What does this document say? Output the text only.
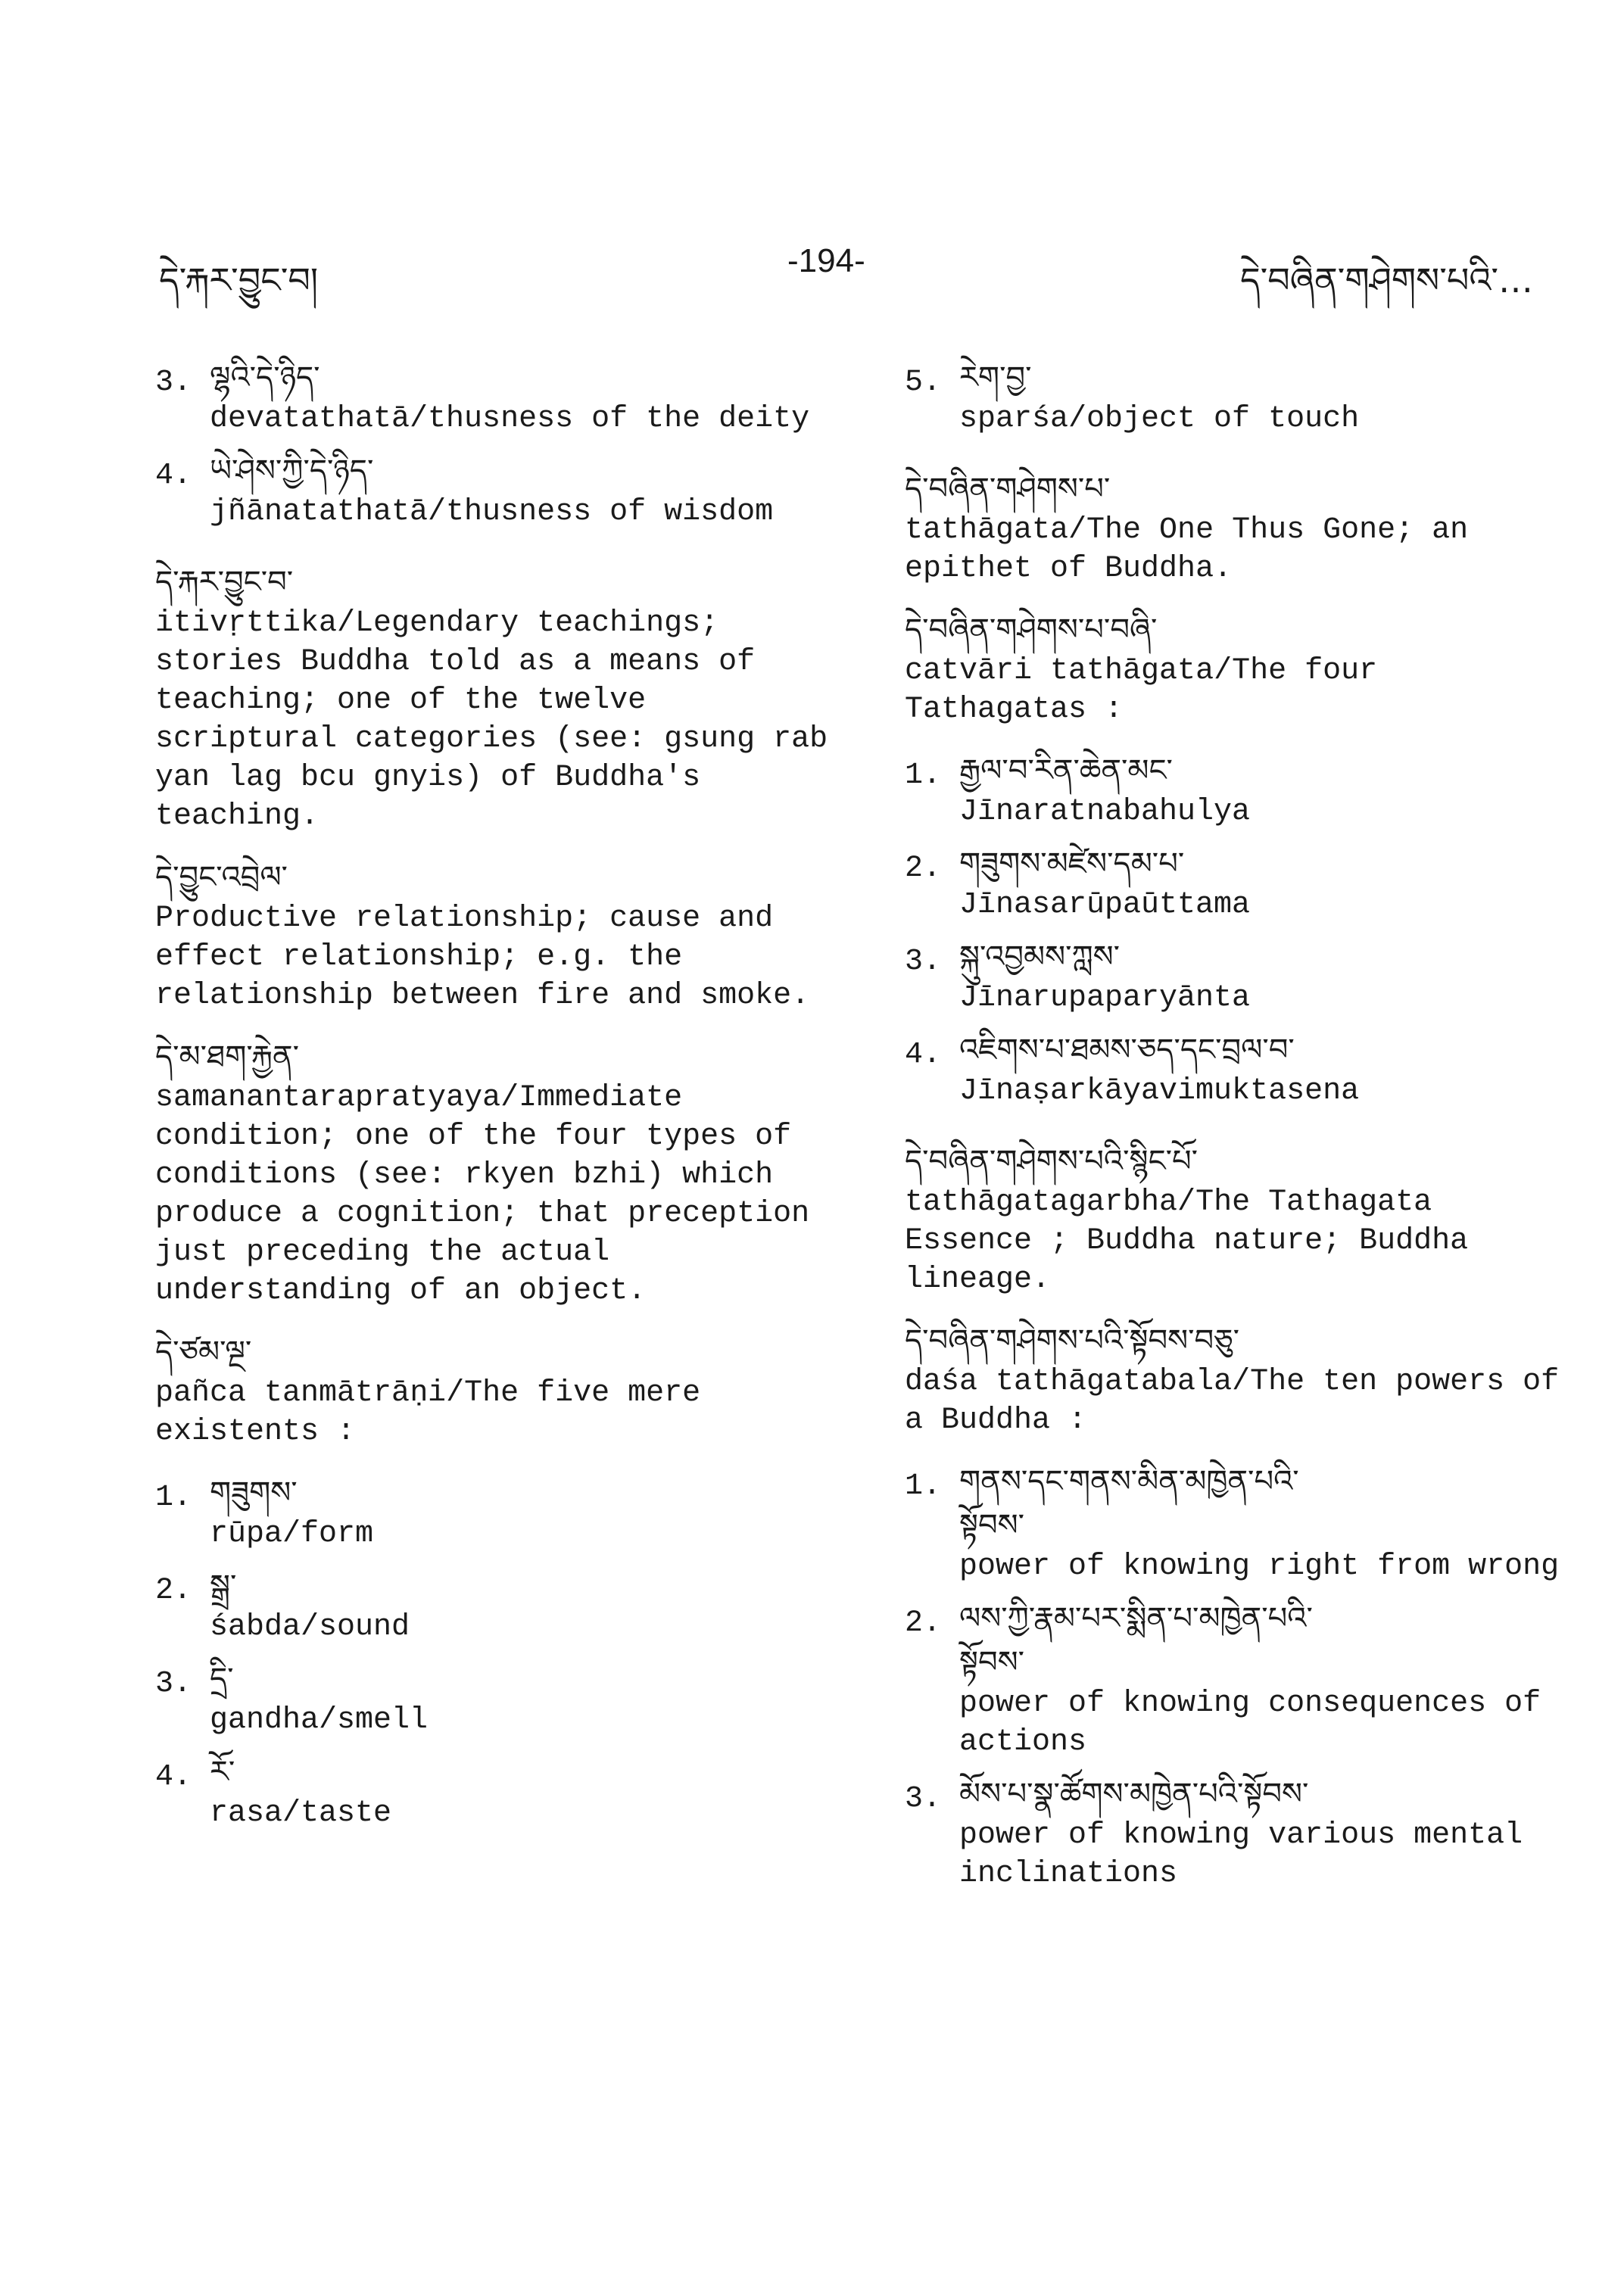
དེ་རྐར་བྱུང་བ།	-194-	དེ་བཞིན་གཤེགས་པའི་…
3. ལྷའི་དེ་ཉིད་
devatathatā/thusness of the deity
4. ཡེ་ཤེས་ཀྱི་དེ་ཉིད་
jñānatathatā/thusness of wisdom
དེ་རྐར་བྱུང་བ་
itivṛttika/Legendary teachings; stories Buddha told as a means of teaching; one of the twelve scriptural categories (see: gsung rab yan lag bcu gnyis) of Buddha's teaching.
དེ་བྱུང་འབྲེལ་
Productive relationship; cause and effect relationship; e.g. the relationship between fire and smoke.
དེ་མ་ཐག་རྐྱེན་
samanantarapratyaya/Immediate condition; one of the four types of conditions (see: rkyen bzhi) which produce a cognition; that preception just preceding the actual understanding of an object.
དེ་ཙམ་ལྔ་
pañca tanmātrāṇi/The five mere existents :
1. གཟུགས་
rūpa/form
2. སྒྲ་
śabda/sound
3. དྲི་
gandha/smell
4. རོ་
rasa/taste
5. རེག་བྱ་
sparśa/object of touch
དེ་བཞིན་གཤེགས་པ་
tathāgata/The One Thus Gone; an epithet of Buddha.
དེ་བཞིན་གཤེགས་པ་བཞི་
catvāri tathāgata/The four Tathagatas :
1. རྒྱལ་བ་རིན་ཆེན་མང་
Jīnaratnabahulya
2. གཟུགས་མཛེས་དམ་པ་
Jīnasarūpaūttama
3. སྐུ་འབྱམས་ཀླས་
Jīnarupaparyānta
4. འཇིགས་པ་ཐམས་ཅད་དང་བྲལ་བ་
Jīnaṣarkāyavimuktasena
དེ་བཞིན་གཤེགས་པའི་སྙིང་པོ་
tathāgatagarbha/The Tathagata Essence ; Buddha nature; Buddha lineage.
དེ་བཞིན་གཤེགས་པའི་སྟོབས་བཅུ་
daśa tathāgatabala/The ten powers of a Buddha :
1. གནས་དང་གནས་མིན་མཁྱེན་པའི་
སྟོབས་
power of knowing right from wrong
2. ལས་ཀྱི་རྣམ་པར་སྨིན་པ་མཁྱེན་པའི་
སྟོབས་
power of knowing consequences of actions
3. མོས་པ་སྣ་ཚོགས་མཁྱེན་པའི་སྟོབས་
power of knowing various mental inclinations
